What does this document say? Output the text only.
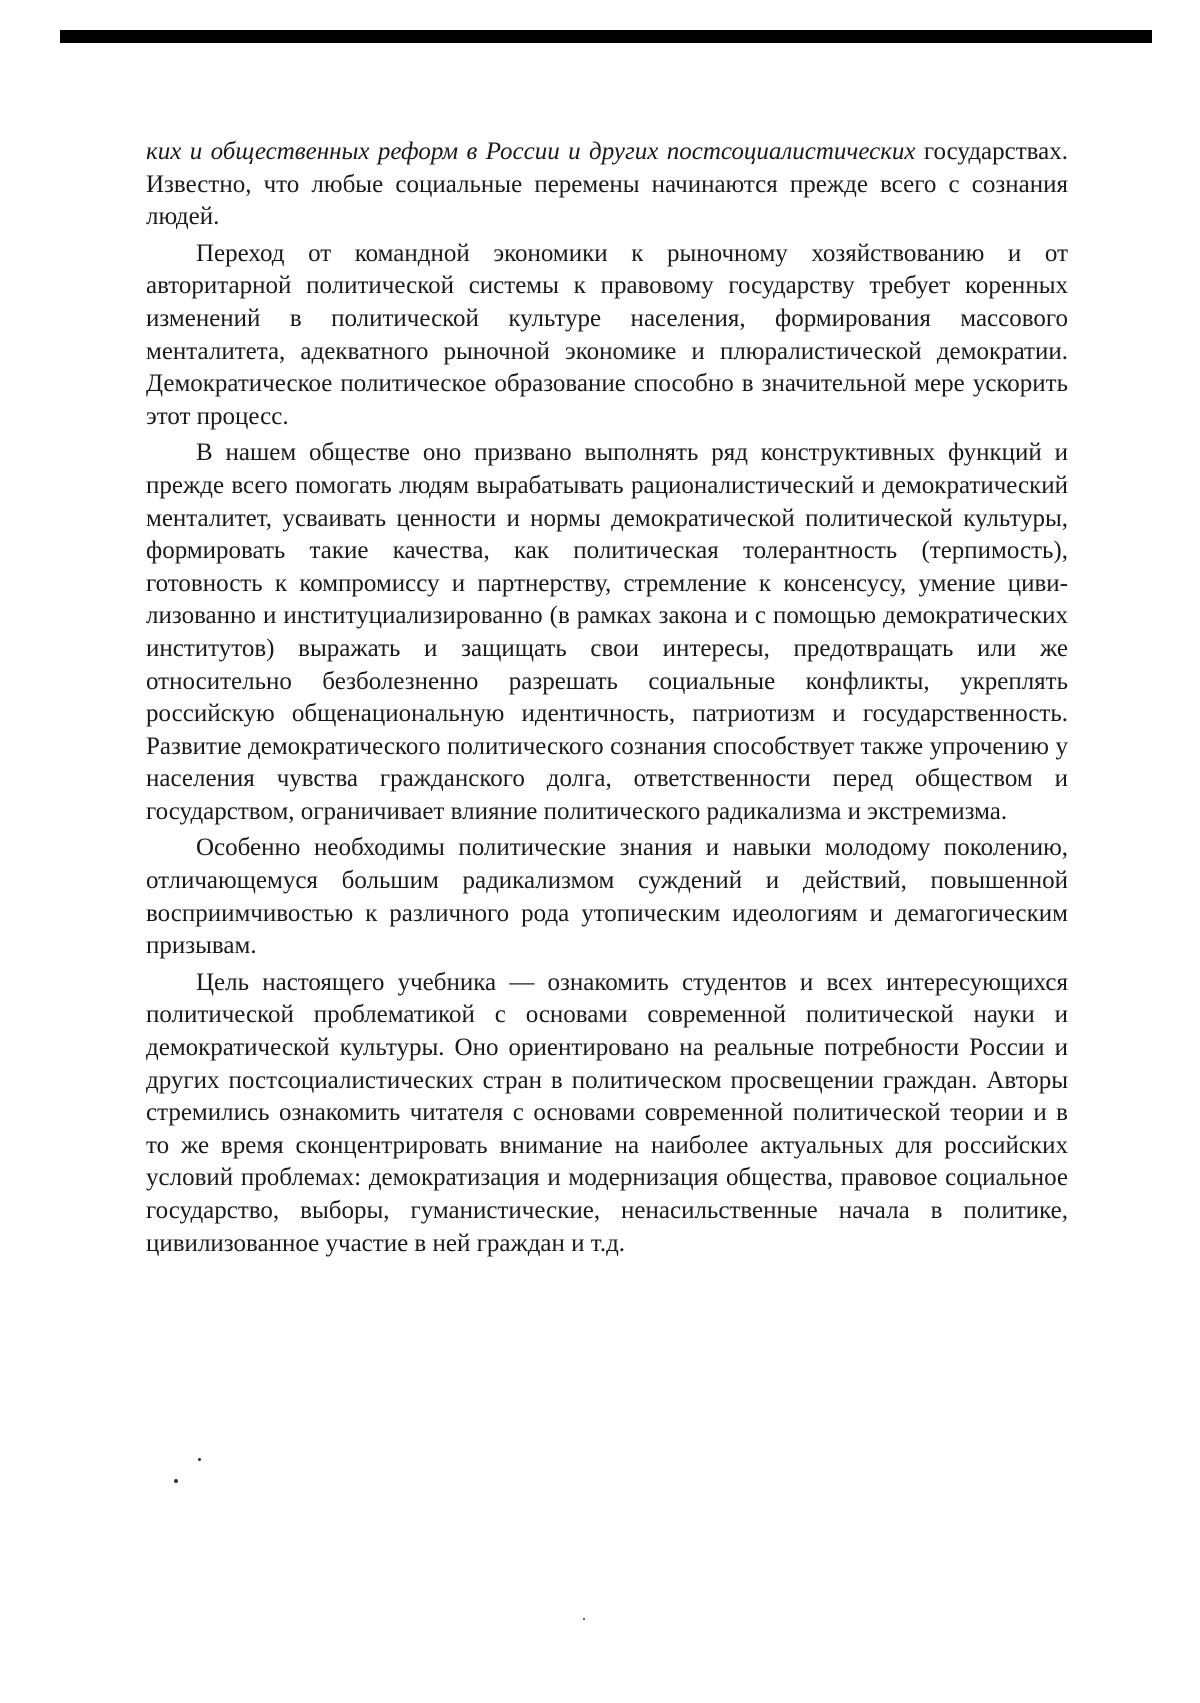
ких и общественных реформ в России и других постсоциалистических государствах. Известно, что любые социальные перемены начинаются прежде всего с сознания людей.

Переход от командной экономики к рыночному хозяйствованию и от авторитарной политической системы к правовому государству требует коренных изменений в политической культуре населения, формирования массового менталитета, адекватного рыночной экономике и плюралистической демократии. Демократическое политическое образование способно в значительной мере ускорить этот процесс.

В нашем обществе оно призвано выполнять ряд конструктивных функций и прежде всего помогать людям вырабатывать рационалистический и демократический менталитет, усваивать ценности и нормы демократической политической культуры, формировать такие качества, как политическая толерантность (терпимость), готовность к компромиссу и партнерству, стремление к консенсусу, умение цивилизованно и институциализированно (в рамках закона и с помощью демократических институтов) выражать и защищать свои интересы, предотвращать или же относительно безболезненно разрешать социальные конфликты, укреплять российскую общенациональную идентичность, патриотизм и государственность. Развитие демократического политического сознания способствует также упрочению у населения чувства гражданского долга, ответственности перед обществом и государством, ограничивает влияние политического радикализма и экстремизма.

Особенно необходимы политические знания и навыки молодому поколению, отличающемуся большим радикализмом суждений и действий, повышенной восприимчивостью к различного рода утопическим идеологиям и демагогическим призывам.

Цель настоящего учебника — ознакомить студентов и всех интересующихся политической проблематикой с основами современной политической науки и демократической культуры. Оно ориентировано на реальные потребности России и других постсоциалистических стран в политическом просвещении граждан. Авторы стремились ознакомить читателя с основами современной политической теории и в то же время сконцентрировать внимание на наиболее актуальных для российских условий проблемах: демократизация и модернизация общества, правовое социальное государство, выборы, гуманистические, ненасильственные начала в политике, цивилизованное участие в ней граждан и т.д.
